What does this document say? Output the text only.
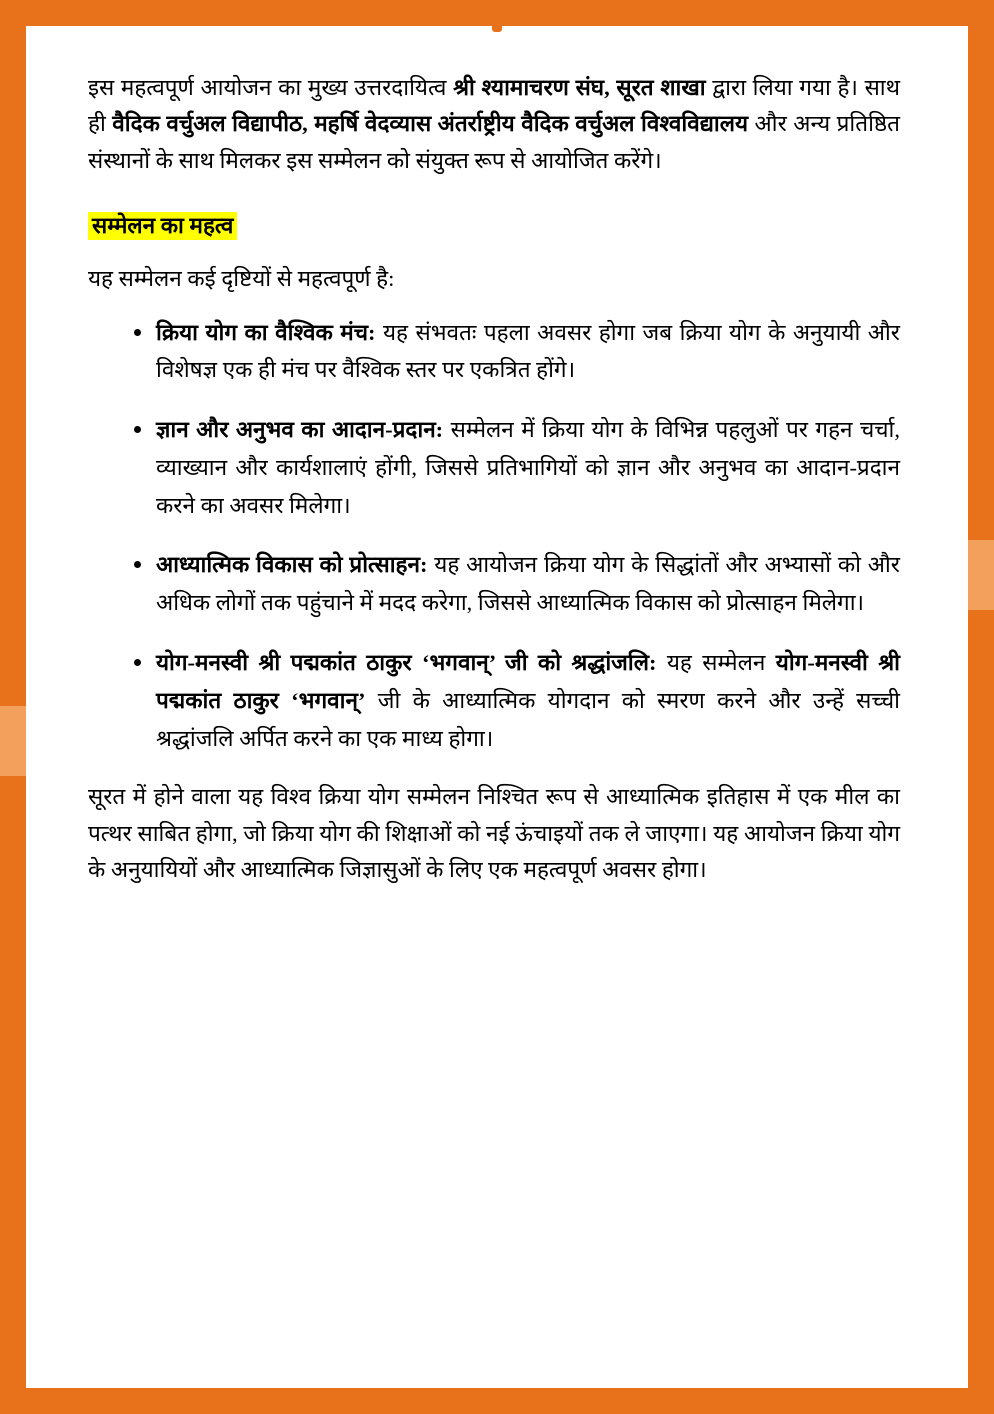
इस महत्वपूर्ण आयोजन का मुख्य उत्तरदायित्व श्री श्यामाचरण संघ, सूरत शाखा द्वारा लिया गया है। साथ ही वैदिक वर्चुअल विद्यापीठ, महर्षि वेदव्यास अंतर्राष्ट्रीय वैदिक वर्चुअल विश्वविद्यालय और अन्य प्रतिष्ठित संस्थानों के साथ मिलकर इस सम्मेलन को संयुक्त रूप से आयोजित करेंगे।

सम्मेलन का महत्व

यह सम्मेलन कई दृष्टियों से महत्वपूर्ण है:

क्रिया योग का वैश्विक मंच: यह संभवतः पहला अवसर होगा जब क्रिया योग के अनुयायी और विशेषज्ञ एक ही मंच पर वैश्विक स्तर पर एकत्रित होंगे।
ज्ञान और अनुभव का आदान-प्रदान: सम्मेलन में क्रिया योग के विभिन्न पहलुओं पर गहन चर्चा, व्याख्यान और कार्यशालाएं होंगी, जिससे प्रतिभागियों को ज्ञान और अनुभव का आदान-प्रदान करने का अवसर मिलेगा।
आध्यात्मिक विकास को प्रोत्साहन: यह आयोजन क्रिया योग के सिद्धांतों और अभ्यासों को और अधिक लोगों तक पहुंचाने में मदद करेगा, जिससे आध्यात्मिक विकास को प्रोत्साहन मिलेगा।
योग-मनस्वी श्री पद्मकांत ठाकुर ‘भगवान्’ जी को श्रद्धांजलि: यह सम्मेलन योग-मनस्वी श्री पद्मकांत ठाकुर ‘भगवान्’ जी के आध्यात्मिक योगदान को स्मरण करने और उन्हें सच्ची श्रद्धांजलि अर्पित करने का एक माध्य होगा।

सूरत में होने वाला यह विश्व क्रिया योग सम्मेलन निश्चित रूप से आध्यात्मिक इतिहास में एक मील का पत्थर साबित होगा, जो क्रिया योग की शिक्षाओं को नई ऊंचाइयों तक ले जाएगा। यह आयोजन क्रिया योग के अनुयायियों और आध्यात्मिक जिज्ञासुओं के लिए एक महत्वपूर्ण अवसर होगा।
